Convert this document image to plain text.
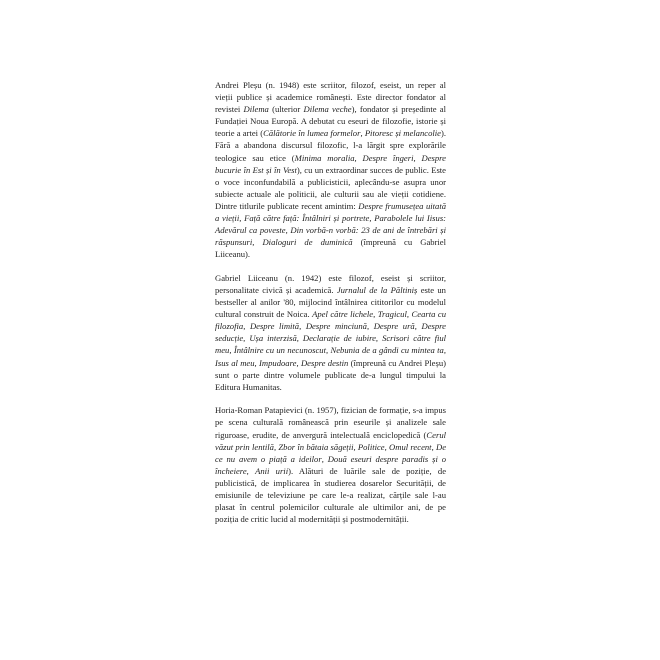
Andrei Pleșu (n. 1948) este scriitor, filozof, eseist, un reper al vieții publice și academice românești. Este director fondator al revistei Dilema (ulterior Dilema veche), fondator și președinte al Fundației Noua Europă. A debutat cu eseuri de filozofie, istorie și teorie a artei (Călătorie în lumea formelor, Pitoresc și melancolie). Fără a abandona discursul filozofic, l-a lărgit spre explorările teologice sau etice (Minima moralia, Despre îngeri, Despre bucurie în Est și în Vest), cu un extraordinar succes de public. Este o voce inconfundabilă a publicisticii, aplecându-se asupra unor subiecte actuale ale politicii, ale culturii sau ale vieții cotidiene. Dintre titlurile publicate recent amintim: Despre frumusețea uitată a vieții, Față către față: Întâlniri și portrete, Parabolele lui Iisus: Adevărul ca poveste, Din vorbă-n vorbă: 23 de ani de întrebări și răspunsuri, Dialoguri de duminică (împreună cu Gabriel Liiceanu).

Gabriel Liiceanu (n. 1942) este filozof, eseist și scriitor, personalitate civică și academică. Jurnalul de la Păltiniș este un bestseller al anilor '80, mijlocind întâlnirea cititorilor cu modelul cultural construit de Noica. Apel către lichele, Tragicul, Cearta cu filozofia, Despre limită, Despre minciună, Despre ură, Despre seducție, Ușa interzisă, Declarație de iubire, Scrisori către fiul meu, Întâlnire cu un necunoscut, Nebunia de a gândi cu mintea ta, Isus al meu, Impudoare, Despre destin (împreună cu Andrei Pleșu) sunt o parte dintre volumele publicate de-a lungul timpului la Editura Humanitas.

Horia-Roman Patapievici (n. 1957), fizician de formație, s-a impus pe scena culturală românească prin eseurile și analizele sale riguroase, erudite, de anvergură intelectuală enciclopedică (Cerul văzut prin lentilă, Zbor în bătaia săgeții, Politice, Omul recent, De ce nu avem o piață a ideilor, Două eseuri despre paradis și o încheiere, Anii urii). Alături de luările sale de poziție, de publicistică, de implicarea în studierea dosarelor Securității, de emisiunile de televiziune pe care le-a realizat, cărțile sale l-au plasat în centrul polemicilor culturale ale ultimilor ani, de pe poziția de critic lucid al modernității și postmodernității.
